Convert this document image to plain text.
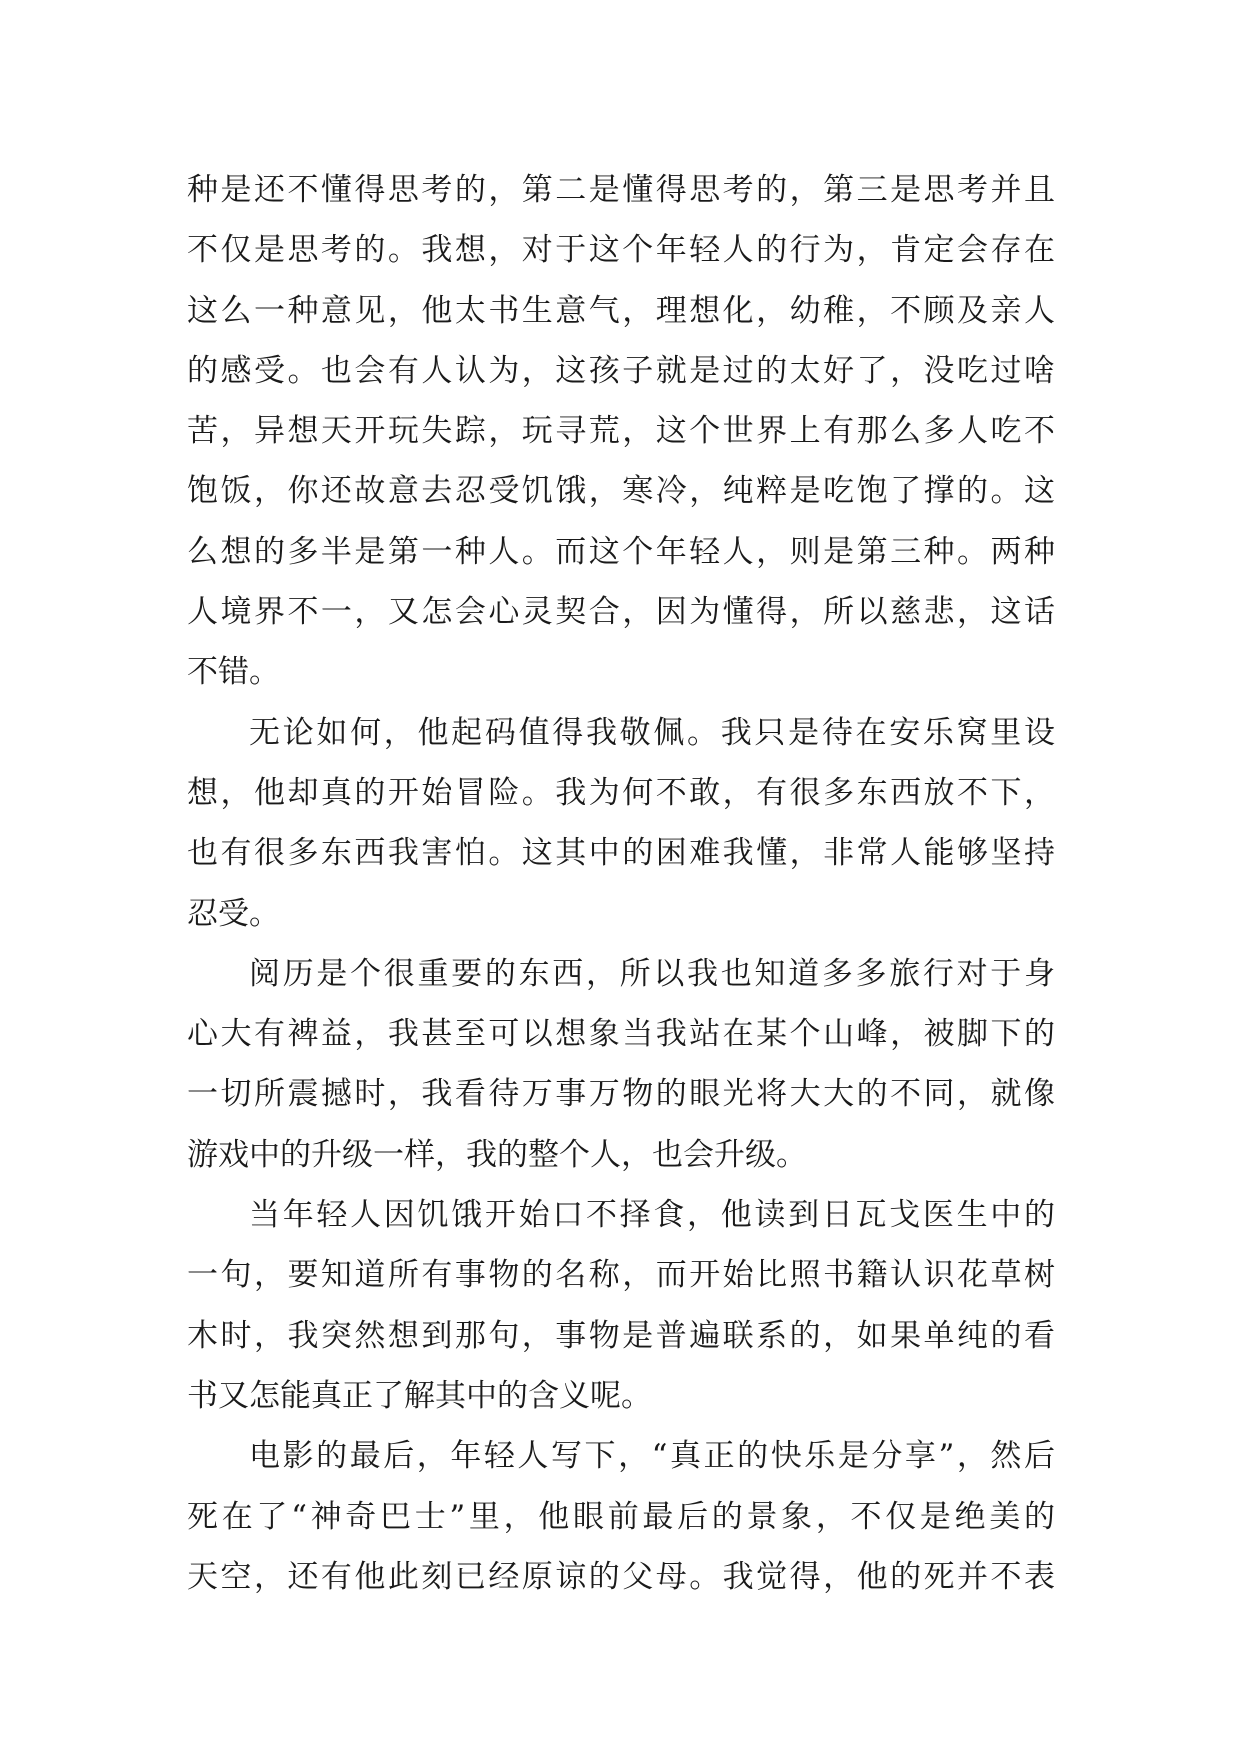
种是还不懂得思考的，第二是懂得思考的，第三是思考并且
不仅是思考的。我想，对于这个年轻人的行为，肯定会存在
这么一种意见，他太书生意气，理想化，幼稚，不顾及亲人
的感受。也会有人认为，这孩子就是过的太好了，没吃过啥
苦，异想天开玩失踪，玩寻荒，这个世界上有那么多人吃不
饱饭，你还故意去忍受饥饿，寒冷，纯粹是吃饱了撑的。这
么想的多半是第一种人。而这个年轻人，则是第三种。两种
人境界不一，又怎会心灵契合，因为懂得，所以慈悲，这话
不错。
无论如何，他起码值得我敬佩。我只是待在安乐窝里设
想，他却真的开始冒险。我为何不敢，有很多东西放不下，
也有很多东西我害怕。这其中的困难我懂，非常人能够坚持
忍受。
阅历是个很重要的东西，所以我也知道多多旅行对于身
心大有裨益，我甚至可以想象当我站在某个山峰，被脚下的
一切所震撼时，我看待万事万物的眼光将大大的不同，就像
游戏中的升级一样，我的整个人，也会升级。
当年轻人因饥饿开始口不择食，他读到日瓦戈医生中的
一句，要知道所有事物的名称，而开始比照书籍认识花草树
木时，我突然想到那句，事物是普遍联系的，如果单纯的看
书又怎能真正了解其中的含义呢。
电影的最后，年轻人写下，“真正的快乐是分享”，然后
死在了“神奇巴士”里，他眼前最后的景象，不仅是绝美的
天空，还有他此刻已经原谅的父母。我觉得，他的死并不表
